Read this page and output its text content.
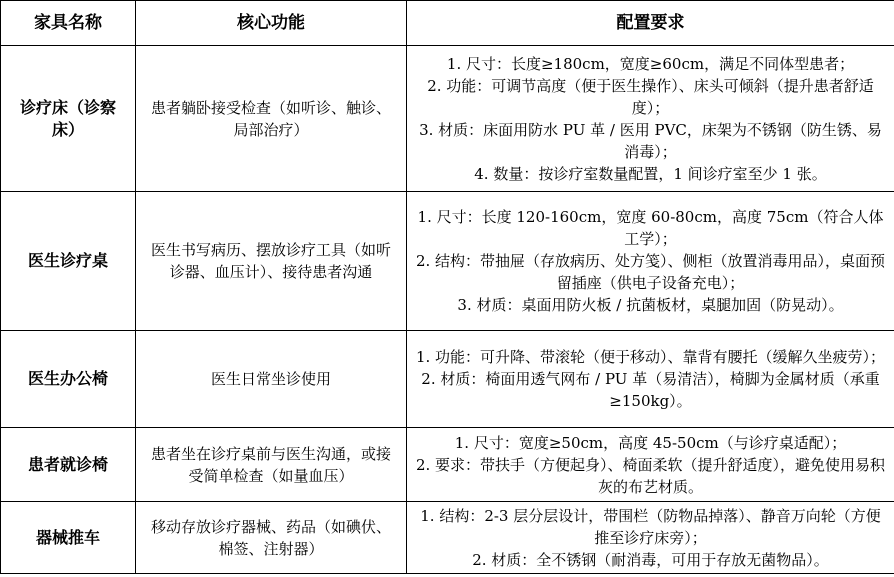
家具名称	核心功能	配置要求
诊疗床（诊察床）	患者躺卧接受检查（如听诊、触诊、局部治疗）	1. 尺寸：长度≥180cm，宽度≥60cm，满足不同体型患者；
2. 功能：可调节高度（便于医生操作）、床头可倾斜（提升患者舒适度）；
3. 材质：床面用防水 PU 革 / 医用 PVC，床架为不锈钢（防生锈、易消毒）；
4. 数量：按诊疗室数量配置，1 间诊疗室至少 1 张。

医生诊疗桌	医生书写病历、摆放诊疗工具（如听诊器、血压计）、接待患者沟通	1. 尺寸：长度 120-160cm，宽度 60-80cm，高度 75cm（符合人体工学）；
2. 结构：带抽屉（存放病历、处方笺）、侧柜（放置消毒用品），桌面预留插座（供电子设备充电）；
3. 材质：桌面用防火板 / 抗菌板材，桌腿加固（防晃动）。

医生办公椅	医生日常坐诊使用	1. 功能：可升降、带滚轮（便于移动）、靠背有腰托（缓解久坐疲劳）；
2. 材质：椅面用透气网布 / PU 革（易清洁），椅脚为金属材质（承重≥150kg）。

患者就诊椅	患者坐在诊疗桌前与医生沟通，或接受简单检查（如量血压）	1. 尺寸：宽度≥50cm，高度 45-50cm（与诊疗桌适配）；
2. 要求：带扶手（方便起身）、椅面柔软（提升舒适度），避免使用易积灰的布艺材质。

器械推车	移动存放诊疗器械、药品（如碘伏、棉签、注射器）	1. 结构：2-3 层分层设计，带围栏（防物品掉落）、静音万向轮（方便推至诊疗床旁）；
2. 材质：全不锈钢（耐消毒，可用于存放无菌物品）。
